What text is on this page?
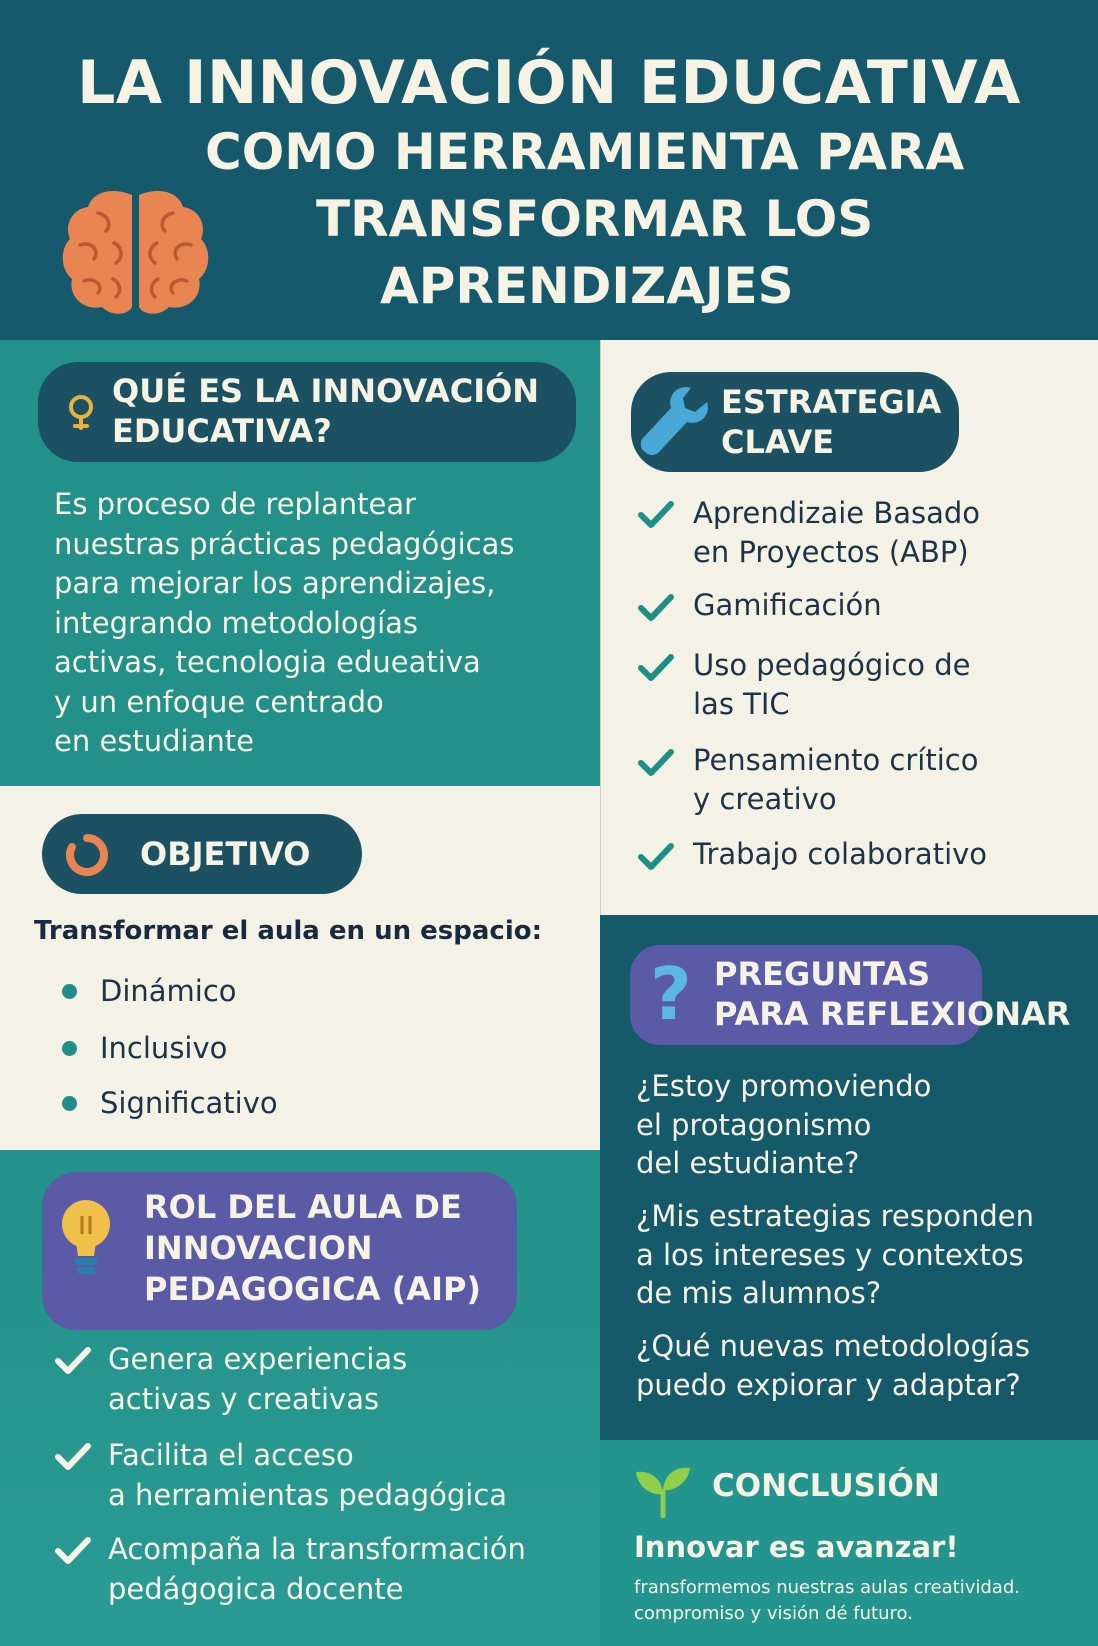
LA INNOVACIÓN EDUCATIVA
COMO HERRAMIENTA PARA
TRANSFORMAR LOS
APRENDIZAJES
QUÉ ES LA INNOVACIÓN
EDUCATIVA?
Es proceso de replantear
nuestras prácticas pedagógicas
para mejorar los aprendizajes,
integrando metodologías
activas, tecnologia edueativa
y un enfoque centrado
en estudiante
OBJETIVO
Transformar el aula en un espacio:
Dinámico
Inclusivo
Significativo
ROL DEL AULA DE
INNOVACION
PEDAGOGICA (AIP)
Genera experiencias
activas y creativas
Facilita el acceso
a herramientas pedagógica
Acompaña la transformación
pedágogica docente
ESTRATEGIA
CLAVE
Aprendizaie Basado
en Proyectos (ABP)
Gamificación
Uso pedagógico de
las TIC
Pensamiento crítico
y creativo
Trabajo colaborativo
? PREGUNTAS
PARA REFLEXIONAR
¿Estoy promoviendo
el protagonismo
del estudiante?
¿Mis estrategias responden
a los intereses y contextos
de mis alumnos?
¿Qué nuevas metodologías
puedo expiorar y adaptar?
CONCLUSIÓN
Innovar es avanzar!
fransformemos nuestras aulas creatividad.
compromiso y visión dé futuro.
